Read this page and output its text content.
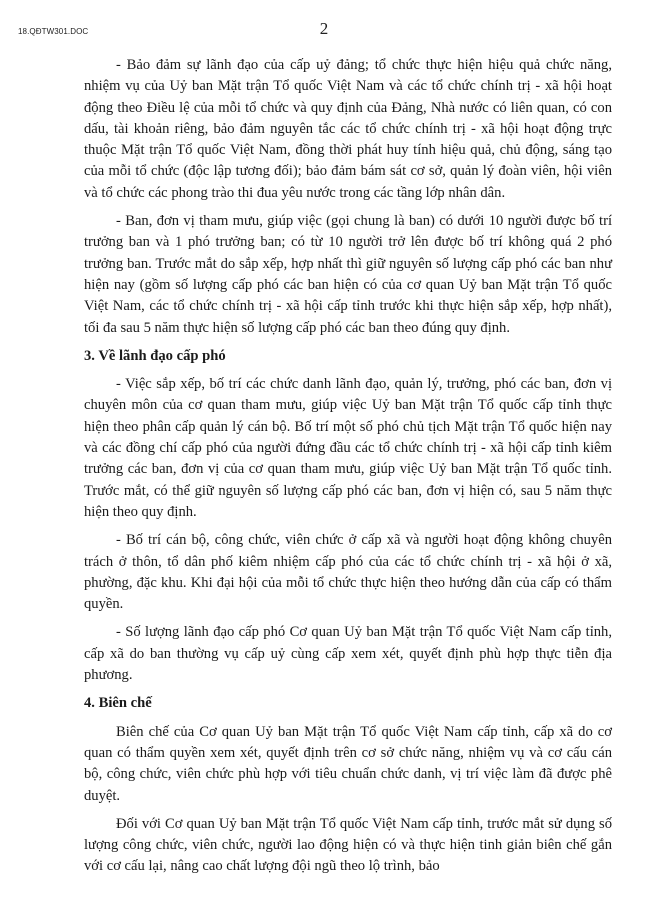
18.QĐTW301.DOC	2

- Bảo đảm sự lãnh đạo của cấp uỷ đảng; tổ chức thực hiện hiệu quả chức năng, nhiệm vụ của Uỷ ban Mặt trận Tổ quốc Việt Nam và các tổ chức chính trị - xã hội hoạt động theo Điều lệ của mỗi tổ chức và quy định của Đảng, Nhà nước có liên quan, có con dấu, tài khoản riêng, bảo đảm nguyên tắc các tổ chức chính trị - xã hội hoạt động trực thuộc Mặt trận Tổ quốc Việt Nam, đồng thời phát huy tính hiệu quả, chủ động, sáng tạo của mỗi tổ chức (độc lập tương đối); bảo đảm bám sát cơ sở, quản lý đoàn viên, hội viên và tổ chức các phong trào thi đua yêu nước trong các tầng lớp nhân dân.

- Ban, đơn vị tham mưu, giúp việc (gọi chung là ban) có dưới 10 người được bố trí trưởng ban và 1 phó trưởng ban; có từ 10 người trở lên được bố trí không quá 2 phó trưởng ban. Trước mắt do sắp xếp, hợp nhất thì giữ nguyên số lượng cấp phó các ban như hiện nay (gồm số lượng cấp phó các ban hiện có của cơ quan Uỷ ban Mặt trận Tổ quốc Việt Nam, các tổ chức chính trị - xã hội cấp tỉnh trước khi thực hiện sắp xếp, hợp nhất), tối đa sau 5 năm thực hiện số lượng cấp phó các ban theo đúng quy định.

3. Về lãnh đạo cấp phó

- Việc sắp xếp, bố trí các chức danh lãnh đạo, quản lý, trưởng, phó các ban, đơn vị chuyên môn của cơ quan tham mưu, giúp việc Uỷ ban Mặt trận Tổ quốc cấp tỉnh thực hiện theo phân cấp quản lý cán bộ. Bố trí một số phó chủ tịch Mặt trận Tổ quốc hiện nay và các đồng chí cấp phó của người đứng đầu các tổ chức chính trị - xã hội cấp tỉnh kiêm trưởng các ban, đơn vị của cơ quan tham mưu, giúp việc Uỷ ban Mặt trận Tổ quốc tỉnh. Trước mắt, có thể giữ nguyên số lượng cấp phó các ban, đơn vị hiện có, sau 5 năm thực hiện theo quy định.

- Bố trí cán bộ, công chức, viên chức ở cấp xã và người hoạt động không chuyên trách ở thôn, tổ dân phố kiêm nhiệm cấp phó của các tổ chức chính trị - xã hội ở xã, phường, đặc khu. Khi đại hội của mỗi tổ chức thực hiện theo hướng dẫn của cấp có thẩm quyền.

- Số lượng lãnh đạo cấp phó Cơ quan Uỷ ban Mặt trận Tổ quốc Việt Nam cấp tỉnh, cấp xã do ban thường vụ cấp uỷ cùng cấp xem xét, quyết định phù hợp thực tiễn địa phương.

4. Biên chế

Biên chế của Cơ quan Uỷ ban Mặt trận Tổ quốc Việt Nam cấp tỉnh, cấp xã do cơ quan có thẩm quyền xem xét, quyết định trên cơ sở chức năng, nhiệm vụ và cơ cấu cán bộ, công chức, viên chức phù hợp với tiêu chuẩn chức danh, vị trí việc làm đã được phê duyệt.

Đối với Cơ quan Uỷ ban Mặt trận Tổ quốc Việt Nam cấp tỉnh, trước mắt sử dụng số lượng công chức, viên chức, người lao động hiện có và thực hiện tinh giản biên chế gắn với cơ cấu lại, nâng cao chất lượng đội ngũ theo lộ trình, bảo
